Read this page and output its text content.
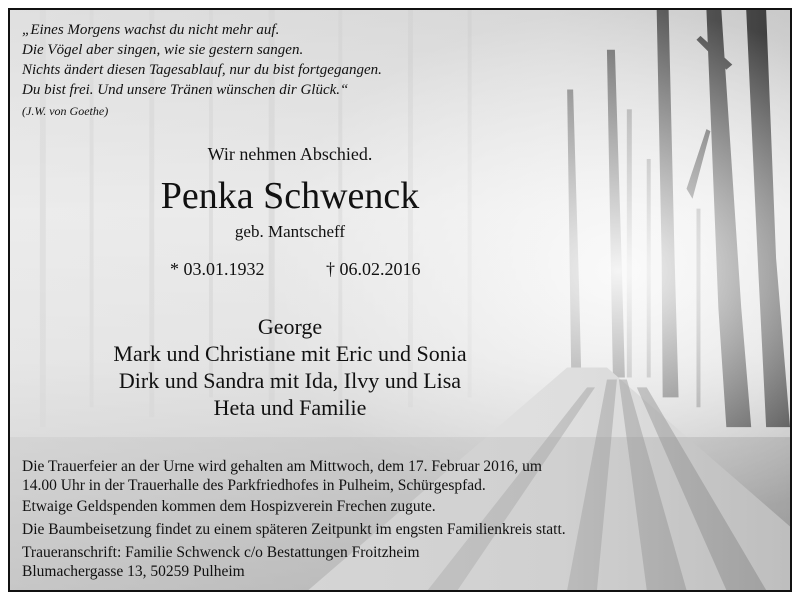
„Eines Morgens wachst du nicht mehr auf.
Die Vögel aber singen, wie sie gestern sangen.
Nichts ändert diesen Tagesablauf, nur du bist fortgegangen.
Du bist frei. Und unsere Tränen wünschen dir Glück.“
(J.W. von Goethe)
Wir nehmen Abschied.
Penka Schwenck
geb. Mantscheff
* 03.01.1932	† 06.02.2016
George
Mark und Christiane mit Eric und Sonia
Dirk und Sandra mit Ida, Ilvy und Lisa
Heta und Familie
Die Trauerfeier an der Urne wird gehalten am Mittwoch, dem 17. Februar 2016, um
14.00 Uhr in der Trauerhalle des Parkfriedhofes in Pulheim, Schürgespfad.
Etwaige Geldspenden kommen dem Hospizverein Frechen zugute.
Die Baumbeisetzung findet zu einem späteren Zeitpunkt im engsten Familienkreis statt.
Traueranschrift: Familie Schwenck c/o Bestattungen Froitzheim
Blumachergasse 13, 50259 Pulheim
